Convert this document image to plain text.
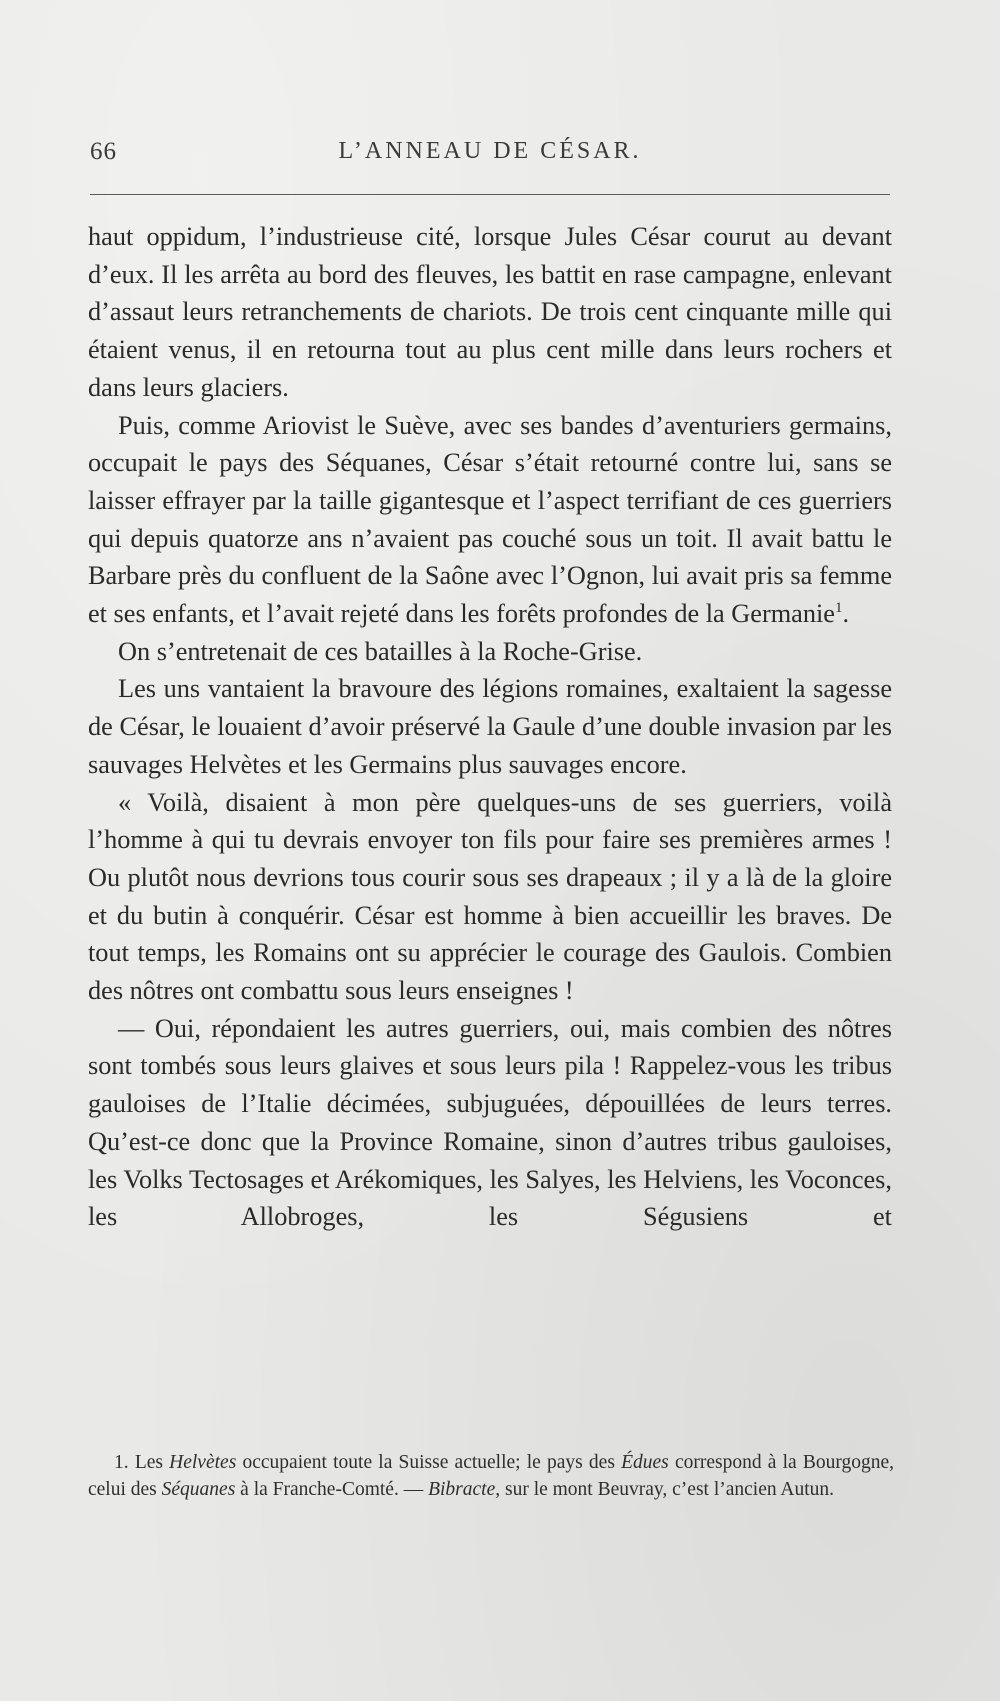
66	L’ANNEAU DE CÉSAR.

haut oppidum, l’industrieuse cité, lorsque Jules César courut au devant d’eux. Il les arrêta au bord des fleuves, les battit en rase campagne, enlevant d’assaut leurs retranchements de chariots. De trois cent cinquante mille qui étaient venus, il en retourna tout au plus cent mille dans leurs rochers et dans leurs glaciers.

Puis, comme Ariovist le Suève, avec ses bandes d’aventuriers germains, occupait le pays des Séquanes, César s’était retourné contre lui, sans se laisser effrayer par la taille gigantesque et l’aspect terrifiant de ces guerriers qui depuis quatorze ans n’avaient pas couché sous un toit. Il avait battu le Barbare près du confluent de la Saône avec l’Ognon, lui avait pris sa femme et ses enfants, et l’avait rejeté dans les forêts profondes de la Germanie$^1$.

On s’entretenait de ces batailles à la Roche-Grise.

Les uns vantaient la bravoure des légions romaines, exaltaient la sagesse de César, le louaient d’avoir préservé la Gaule d’une double invasion par les sauvages Helvètes et les Germains plus sauvages encore.

« Voilà, disaient à mon père quelques-uns de ses guerriers, voilà l’homme à qui tu devrais envoyer ton fils pour faire ses premières armes ! Ou plutôt nous devrions tous courir sous ses drapeaux ; il y a là de la gloire et du butin à conquérir. César est homme à bien accueillir les braves. De tout temps, les Romains ont su apprécier le courage des Gaulois. Combien des nôtres ont combattu sous leurs enseignes !

— Oui, répondaient les autres guerriers, oui, mais combien des nôtres sont tombés sous leurs glaives et sous leurs pila ! Rappelez-vous les tribus gauloises de l’Italie décimées, subjuguées, dépouillées de leurs terres. Qu’est-ce donc que la Province Romaine, sinon d’autres tribus gauloises, les Volks Tectosages et Arékomiques, les Salyes, les Helviens, les Voconces, les Allobroges, les Ségusiens et

1. Les Helvètes occupaient toute la Suisse actuelle; le pays des Édues correspond à la Bourgogne, celui des Séquanes à la Franche-Comté. — Bibracte, sur le mont Beuvray, c’est l’ancien Autun.
